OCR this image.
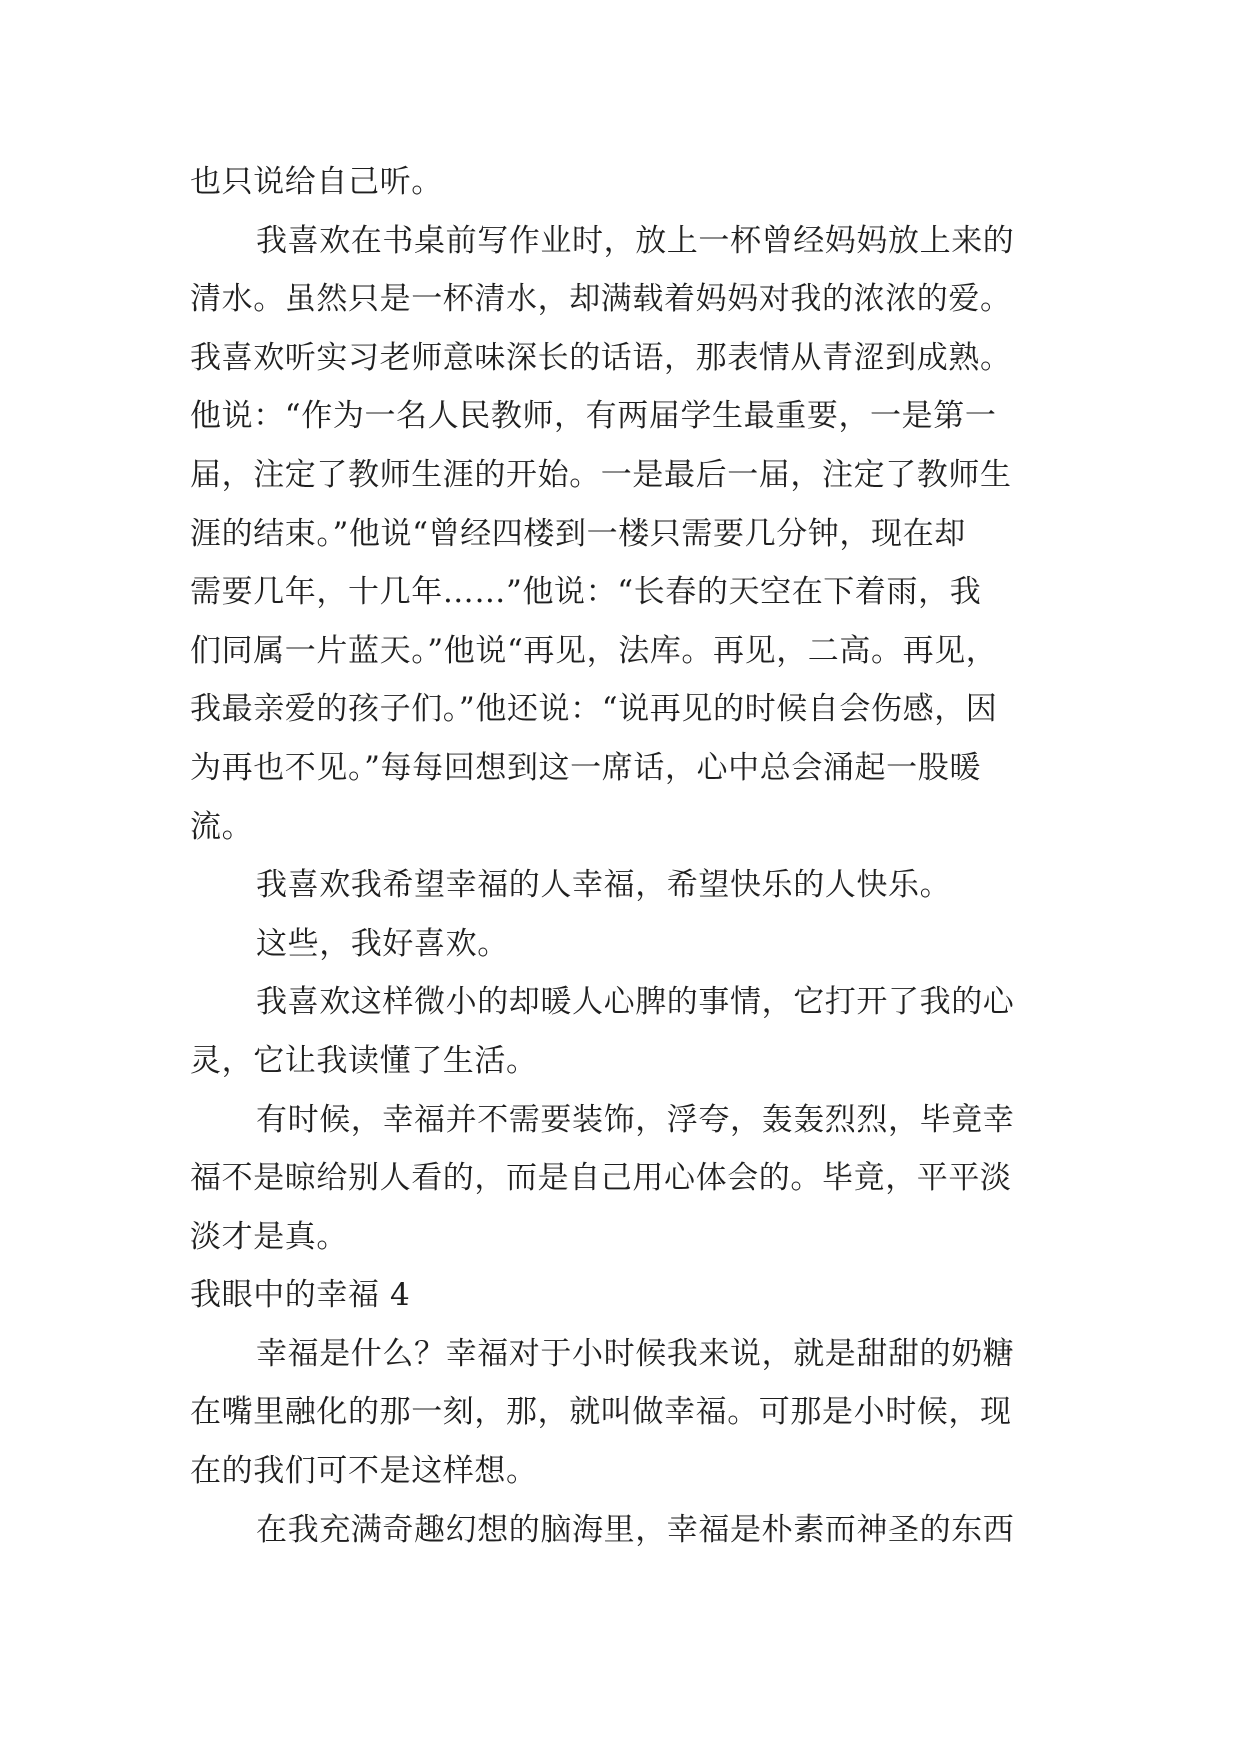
也只说给自己听。
我喜欢在书桌前写作业时，放上一杯曾经妈妈放上来的
清水。虽然只是一杯清水，却满载着妈妈对我的浓浓的爱。
我喜欢听实习老师意味深长的话语，那表情从青涩到成熟。
他说：“作为一名人民教师，有两届学生最重要，一是第一
届，注定了教师生涯的开始。一是最后一届，注定了教师生
涯的结束。”他说“曾经四楼到一楼只需要几分钟，现在却
需要几年，十几年……”他说：“长春的天空在下着雨，我
们同属一片蓝天。”他说“再见，法库。再见，二高。再见，
我最亲爱的孩子们。”他还说：“说再见的时候自会伤感，因
为再也不见。”每每回想到这一席话，心中总会涌起一股暖
流。
我喜欢我希望幸福的人幸福，希望快乐的人快乐。
这些，我好喜欢。
我喜欢这样微小的却暖人心脾的事情，它打开了我的心
灵，它让我读懂了生活。
有时候，幸福并不需要装饰，浮夸，轰轰烈烈，毕竟幸
福不是晾给别人看的，而是自己用心体会的。毕竟，平平淡
淡才是真。
我眼中的幸福 4
幸福是什么？幸福对于小时候我来说，就是甜甜的奶糖
在嘴里融化的那一刻，那，就叫做幸福。可那是小时候，现
在的我们可不是这样想。
在我充满奇趣幻想的脑海里，幸福是朴素而神圣的东西
